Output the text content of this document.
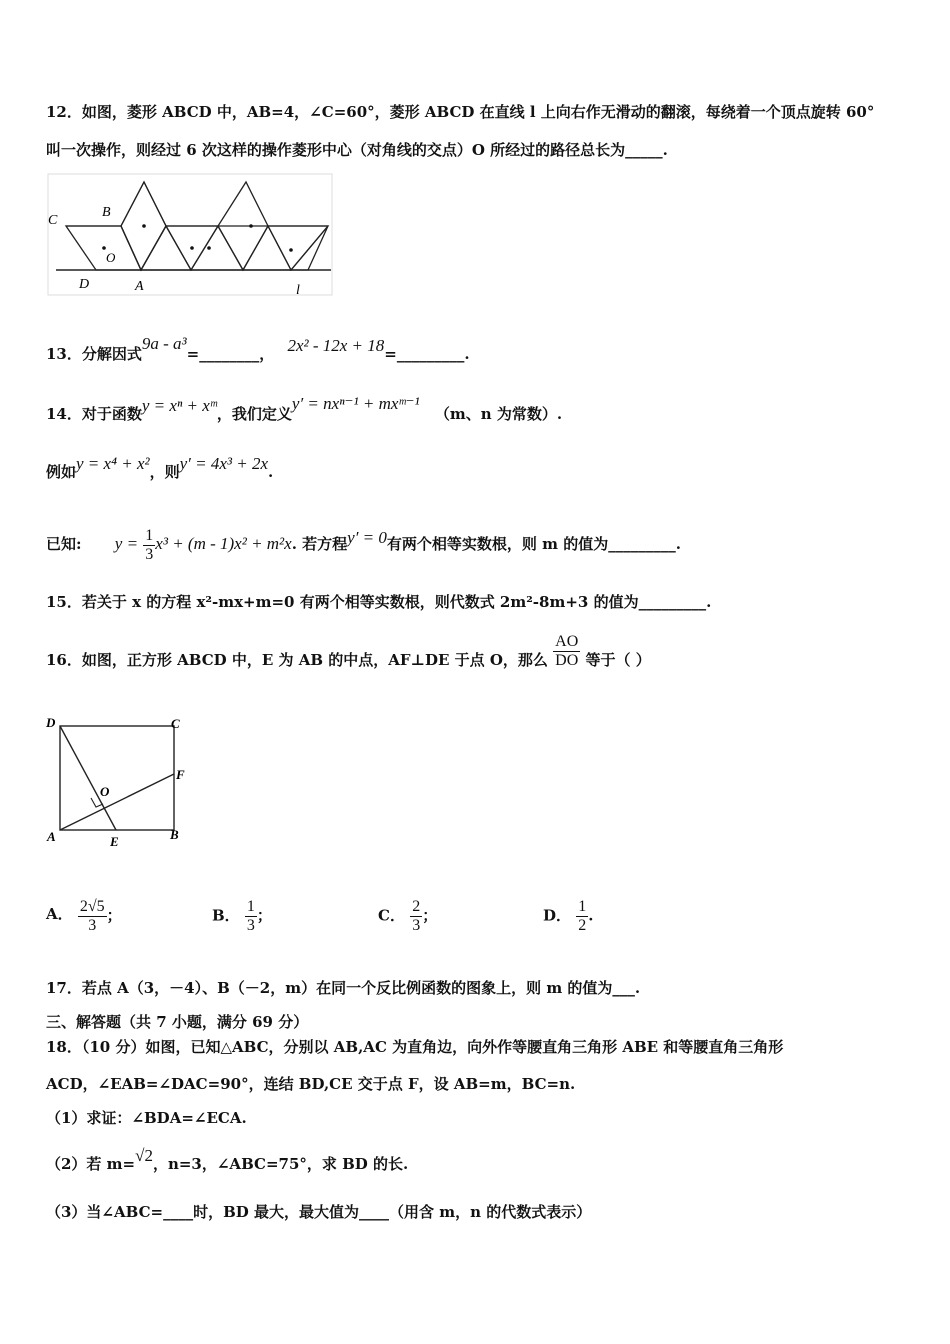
12．如图，菱形 ABCD 中，AB=4，∠C=60°，菱形 ABCD 在直线 l 上向右作无滑动的翻滚，每绕着一个顶点旋转 60°
叫一次操作，则经过 6 次这样的操作菱形中心（对角线的交点）O 所经过的路径总长为_____.
C
B
O
D	A	l
13．分解因式9a - a³=________， 2x² - 12x + 18=_________.
14．对于函数y = xⁿ + xᵐ，我们定义y′ = nxⁿ⁻¹ + mxᵐ⁻¹ （m、n 为常数）.
例如y = x⁴ + x²，则y′ = 4x³ + 2x.
已知: $y = \frac{1}{3} x^3 + (m - 1)x^2 + m^2x$. 若方程y′ = 0有两个相等实数根，则 m 的值为_________.
15．若关于 x 的方程 x²-mx+m=0 有两个相等实数根，则代数式 2m²-8m+3 的值为_________.
16．如图，正方形 ABCD 中，E 为 AB 的中点，AF⊥DE 于点 O，那么 $\frac{AO}{DO}$ 等于（ ）
D	C
F
O
A	E	B
A． $\frac{2√5}{3}$ ；	B． $\frac{1}{3}$ ；	C． $\frac{2}{3}$ ；	D． $\frac{1}{2}$ .
17．若点 A（3，－4）、B（－2，m）在同一个反比例函数的图象上，则 m 的值为___.
三、解答题（共 7 小题，满分 69 分）
18．（10 分）如图，已知△ABC，分别以 AB,AC 为直角边，向外作等腰直角三角形 ABE 和等腰直角三角形
ACD，∠EAB=∠DAC=90°，连结 BD,CE 交于点 F，设 AB=m，BC=n.
（1）求证：∠BDA=∠ECA.
（2）若 m=√2，n=3，∠ABC=75°，求 BD 的长.
（3）当∠ABC=____时，BD 最大，最大值为____（用含 m，n 的代数式表示）
